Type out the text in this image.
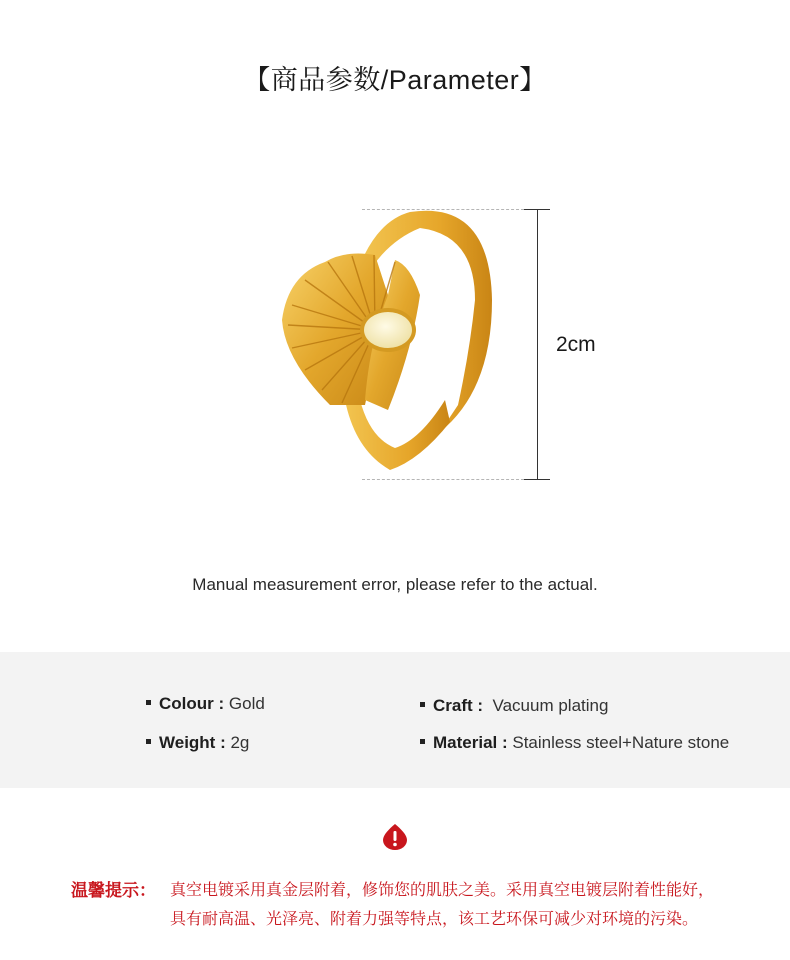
【商品参数/Parameter】
2cm
Manual measurement error, please refer to the actual.
Colour : Gold	Craft : Vacuum plating
Weight : 2g	Material : Stainless steel+Nature stone
温馨提示： 真空电镀采用真金层附着，修饰您的肌肤之美。采用真空电镀层附着性能好，
具有耐高温、光泽亮、附着力强等特点，该工艺环保可减少对环境的污染。
